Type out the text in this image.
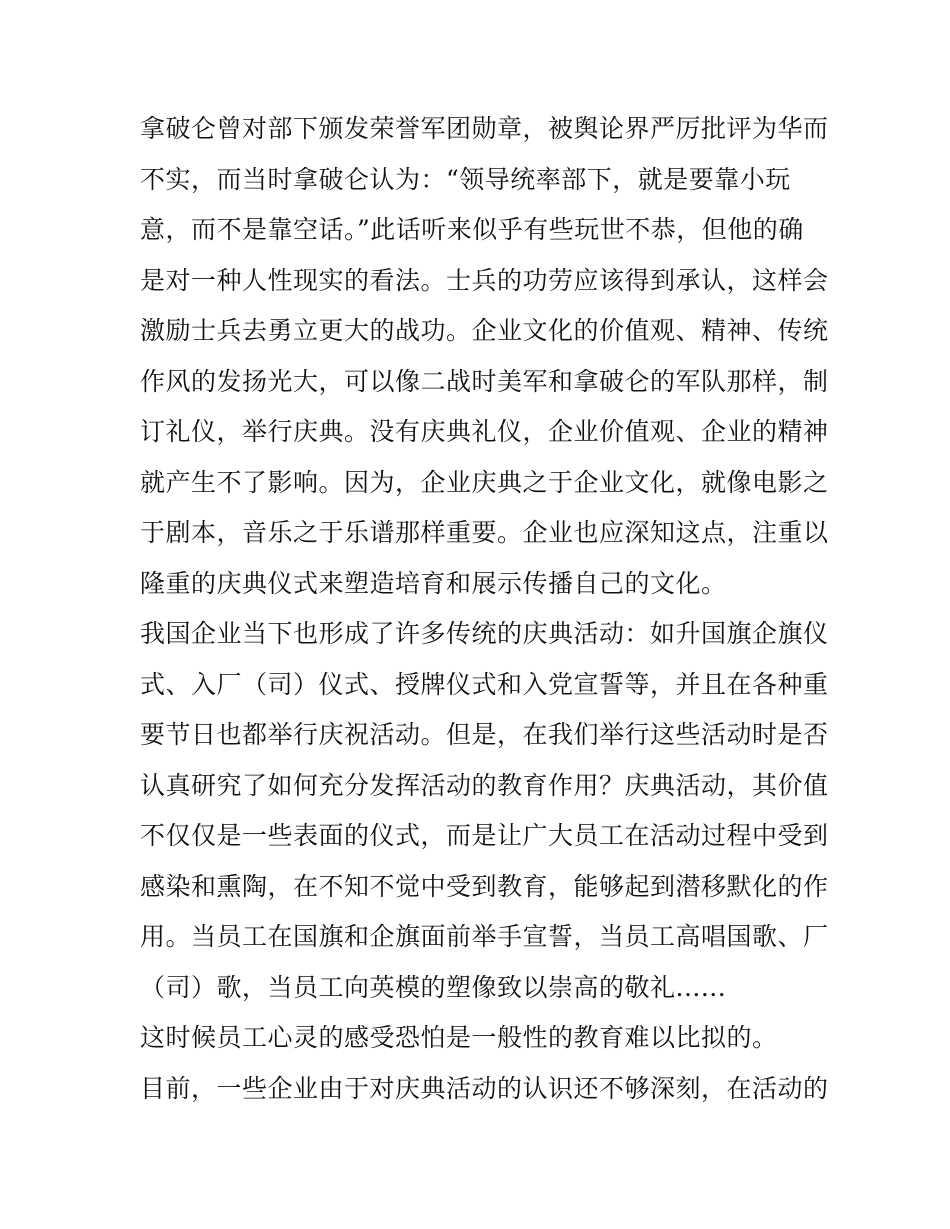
拿破仑曾对部下颁发荣誉军团勋章，被舆论界严厉批评为华而
不实，而当时拿破仑认为：“领导统率部下，就是要靠小玩
意，而不是靠空话。”此话听来似乎有些玩世不恭，但他的确
是对一种人性现实的看法。士兵的功劳应该得到承认，这样会
激励士兵去勇立更大的战功。企业文化的价值观、精神、传统
作风的发扬光大，可以像二战时美军和拿破仑的军队那样，制
订礼仪，举行庆典。没有庆典礼仪，企业价值观、企业的精神
就产生不了影响。因为，企业庆典之于企业文化，就像电影之
于剧本，音乐之于乐谱那样重要。企业也应深知这点，注重以
隆重的庆典仪式来塑造培育和展示传播自己的文化。

我国企业当下也形成了许多传统的庆典活动：如升国旗企旗仪
式、入厂（司）仪式、授牌仪式和入党宣誓等，并且在各种重
要节日也都举行庆祝活动。但是，在我们举行这些活动时是否
认真研究了如何充分发挥活动的教育作用？庆典活动，其价值
不仅仅是一些表面的仪式，而是让广大员工在活动过程中受到
感染和熏陶，在不知不觉中受到教育，能够起到潜移默化的作
用。当员工在国旗和企旗面前举手宣誓，当员工高唱国歌、厂
（司）歌，当员工向英模的塑像致以崇高的敬礼......

这时候员工心灵的感受恐怕是一般性的教育难以比拟的。

目前，一些企业由于对庆典活动的认识还不够深刻，在活动的
